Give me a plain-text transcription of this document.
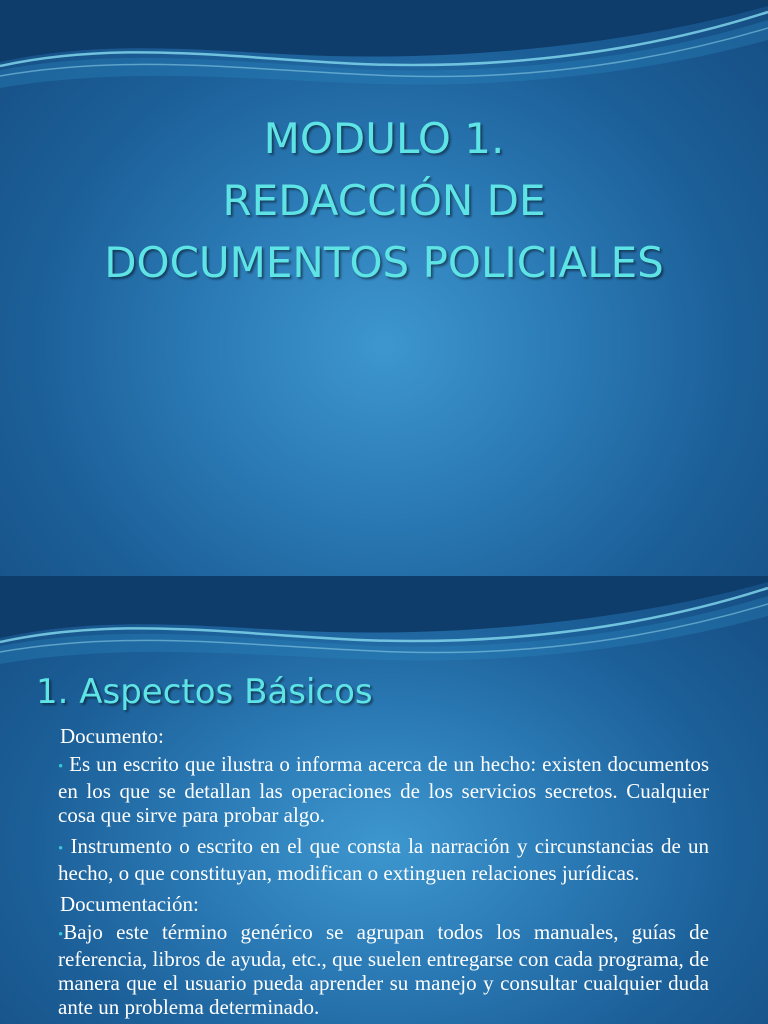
MODULO 1.
REDACCIÓN DE
DOCUMENTOS POLICIALES
1. Aspectos Básicos

Documento:

• Es un escrito que ilustra o informa acerca de un hecho: existen documentos en los que se detallan las operaciones de los servicios secretos. Cualquier cosa que sirve para probar algo.

• Instrumento o escrito en el que consta la narración y circunstancias de un hecho, o que constituyan, modifican o extinguen relaciones jurídicas.

Documentación:

•Bajo este término genérico se agrupan todos los manuales, guías de referencia, libros de ayuda, etc., que suelen entregarse con cada programa, de manera que el usuario pueda aprender su manejo y consultar cualquier duda ante un problema determinado.
